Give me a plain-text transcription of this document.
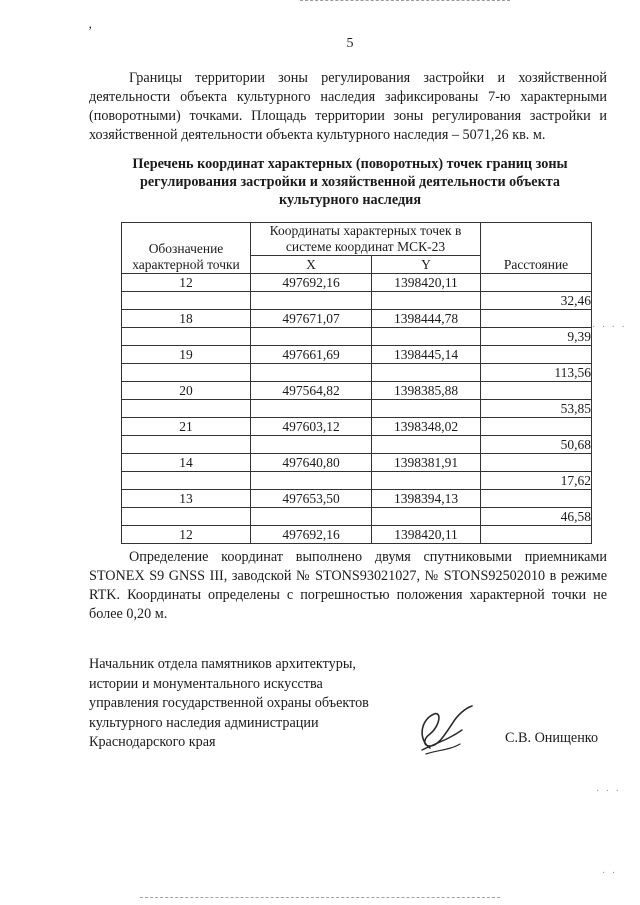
’
5

Границы территории зоны регулирования застройки и хозяйственной деятельности объекта культурного наследия зафиксированы 7-ю характерными (поворотными) точками. Площадь территории зоны регулирования застройки и хозяйственной деятельности объекта культурного наследия – 5071,26 кв. м.

Перечень координат характерных (поворотных) точек границ зоны регулирования застройки и хозяйственной деятельности объекта культурного наследия
Обозначение характерной точки	Координаты характерных точек в системе координат МСК-23		Расстояние
	X	Y	
12	497692,16	1398420,11	
			32,46
18	497671,07	1398444,78	
			9,39
19	497661,69	1398445,14	
			113,56
20	497564,82	1398385,88	
			53,85
21	497603,12	1398348,02	
			50,68
14	497640,80	1398381,91	
			17,62
13	497653,50	1398394,13	
			46,58
12	497692,16	1398420,11	

Определение координат выполнено двумя спутниковыми приемниками STONEX S9 GNSS III, заводской № STONS93021027, № STONS92502010 в режиме RTK. Координаты определены с погрешностью положения характерной точки не более 0,20 м.

Начальник отдела памятников архитектуры,
истории и монументального искусства
управления государственной охраны объектов
культурного наследия администрации
Краснодарского края	С.В. Онищенко
· · · ·
· · ·
· ·
